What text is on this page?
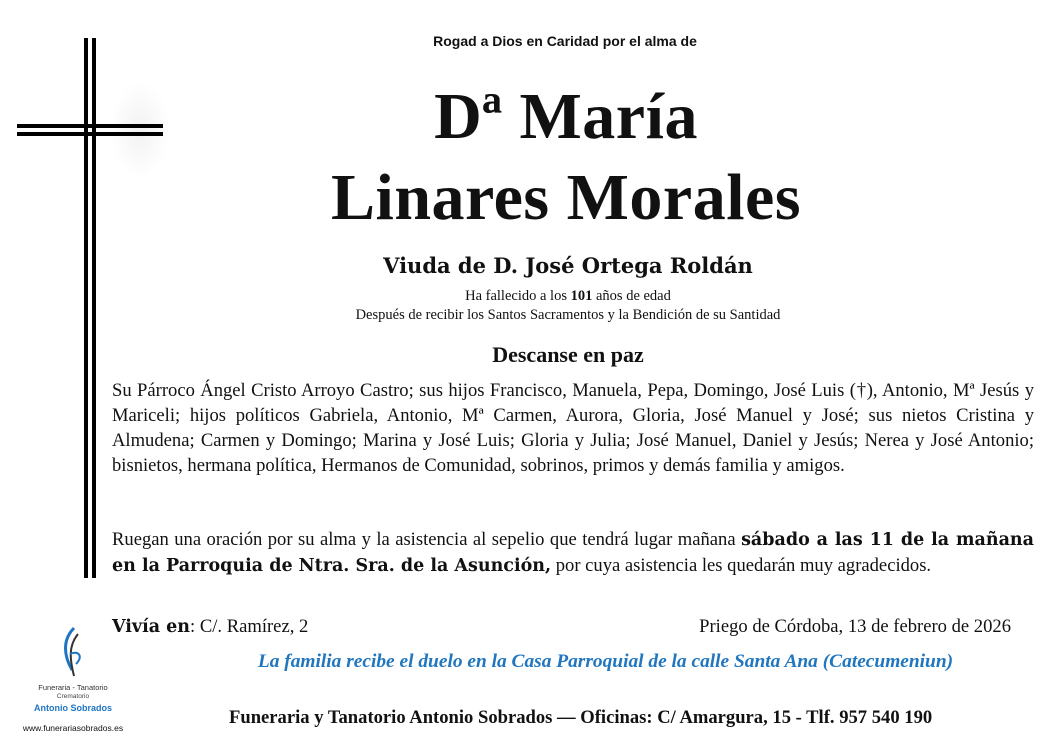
Rogad a Dios en Caridad por el alma de
Dª María
Linares Morales
Viuda de D. José Ortega Roldán
Ha fallecido a los 101 años de edad
Después de recibir los Santos Sacramentos y la Bendición de su Santidad
Descanse en paz
Su Párroco Ángel Cristo Arroyo Castro; sus hijos Francisco, Manuela, Pepa, Domingo, José Luis (†), Antonio, Mª Jesús y Mariceli; hijos políticos Gabriela, Antonio, Mª Carmen, Aurora, Gloria, José Manuel y José; sus nietos Cristina y Almudena; Carmen y Domingo; Marina y José Luis; Gloria y Julia; José Manuel, Daniel y Jesús; Nerea y José Antonio; bisnietos, hermana política, Hermanos de Comunidad, sobrinos, primos y demás familia y amigos.
Ruegan una oración por su alma y la asistencia al sepelio que tendrá lugar mañana sábado a las 11 de la mañana en la Parroquia de Ntra. Sra. de la Asunción, por cuya asistencia les quedarán muy agradecidos.
Vivía en: C/. Ramírez, 2	Priego de Córdoba, 13 de febrero de 2026
La familia recibe el duelo en la Casa Parroquial de la calle Santa Ana (Catecumeniun)
Funeraria y Tanatorio Antonio Sobrados — Oficinas: C/ Amargura, 15 - Tlf. 957 540 190
Funeraria - Tanatorio
Crematorio
Antonio Sobrados
www.funerariasobrados.es
